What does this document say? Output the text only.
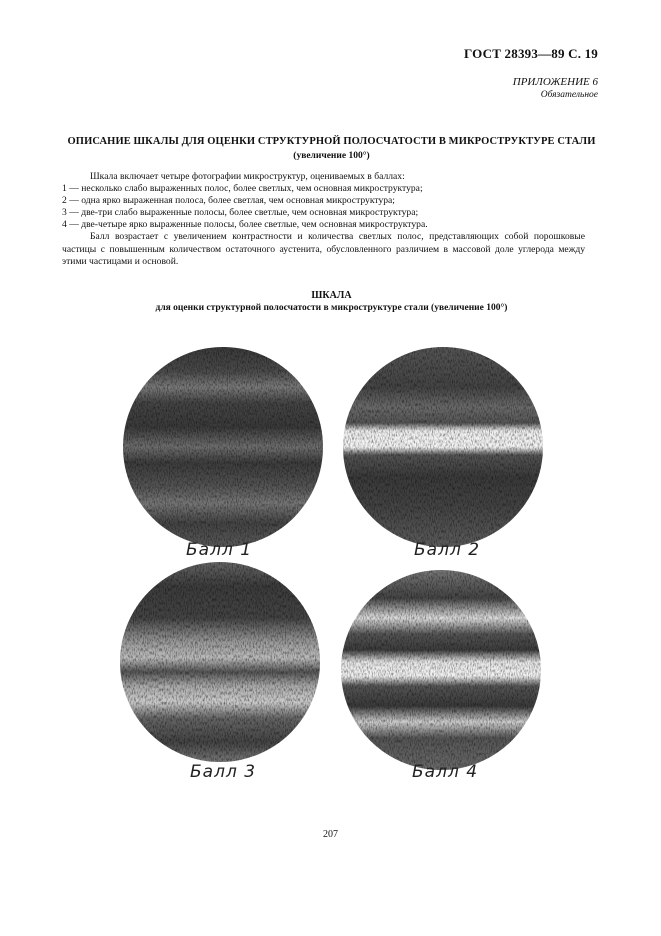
ГОСТ 28393—89 С. 19
ПРИЛОЖЕНИЕ 6
Обязательное
ОПИСАНИЕ ШКАЛЫ ДЛЯ ОЦЕНКИ СТРУКТУРНОЙ ПОЛОСЧАТОСТИ В МИКРОСТРУКТУРЕ СТАЛИ
(увеличение 100°)

Шкала включает четыре фотографии микроструктур, оцениваемых в баллах:

1 — несколько слабо выраженных полос, более светлых, чем основная микроструктура;

2 — одна ярко выраженная полоса, более светлая, чем основная микроструктура;

3 — две-три слабо выраженные полосы, более светлые, чем основная микроструктура;

4 — две-четыре ярко выраженные полосы, более светлые, чем основная микроструктура.

Балл возрастает с увеличением контрастности и количества светлых полос, представляющих собой порошковые частицы с повышенным количеством остаточного аустенита, обусловленного различием в массовой доле углерода между этими частицами и основой.

ШКАЛА
для оценки структурной полосчатости в микроструктуре стали (увеличение 100°)
Балл 1	Балл 2
Балл 3	Балл 4
207
